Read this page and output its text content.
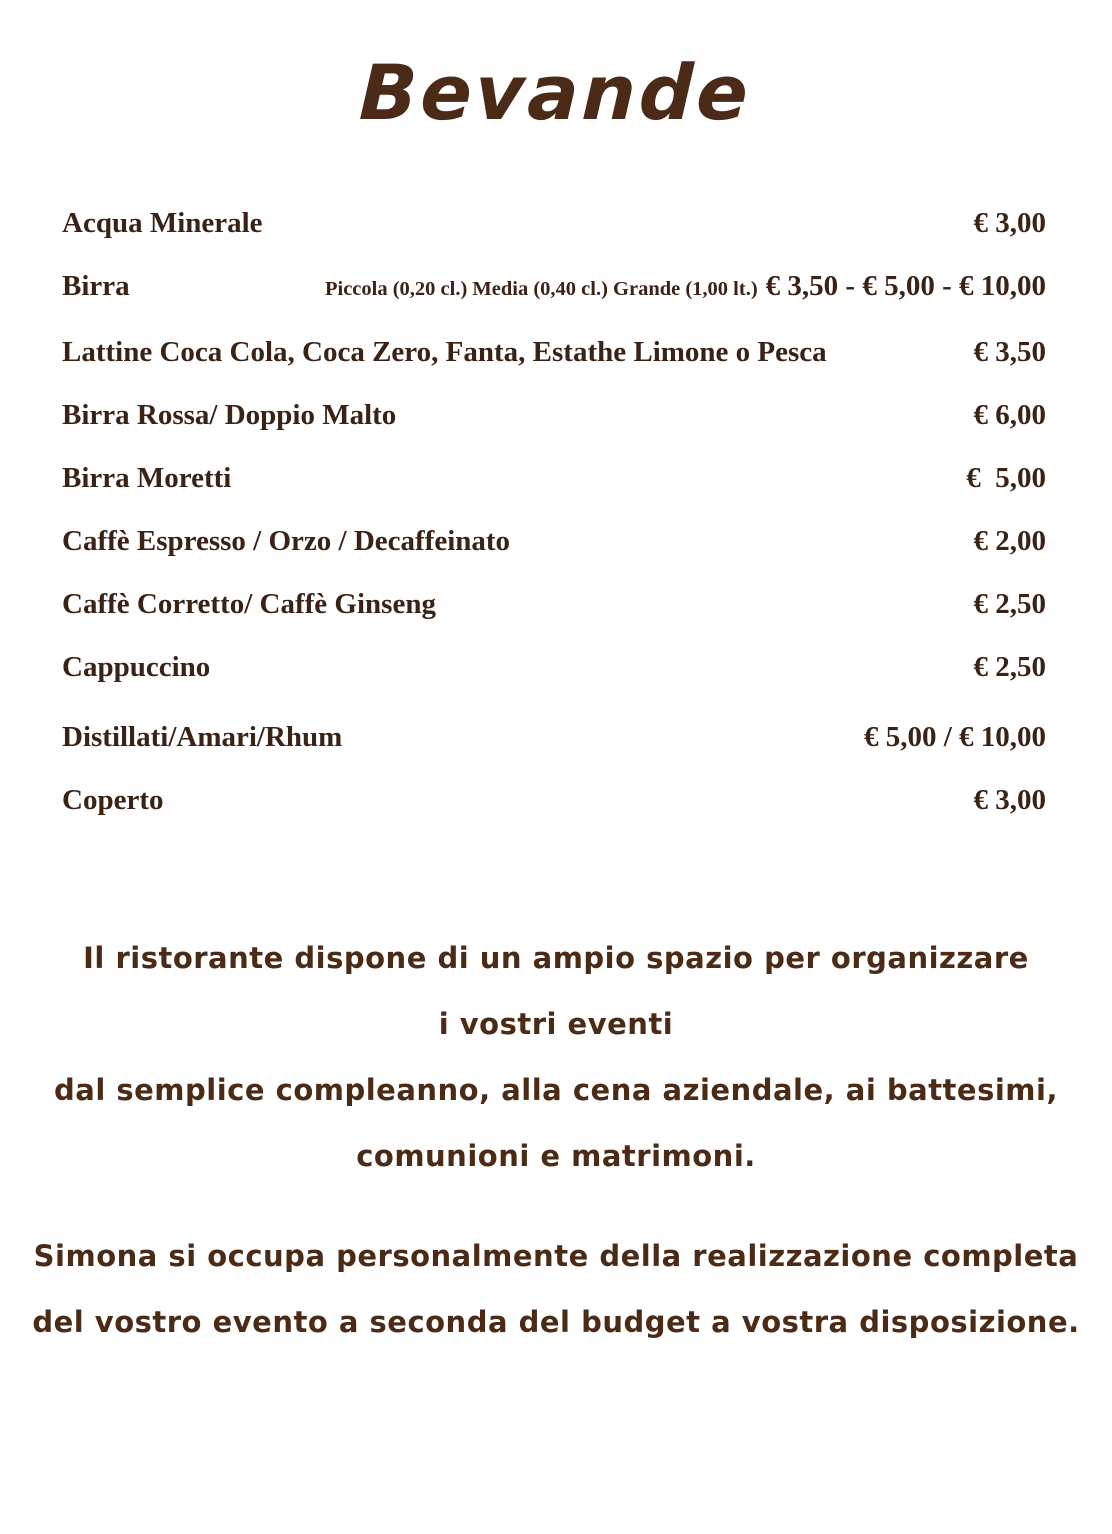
Bevande
Acqua Minerale	€ 3,00
Birra	Piccola (0,20 cl.) Media (0,40 cl.) Grande (1,00 lt.) € 3,50 - € 5,00 - € 10,00
Lattine Coca Cola, Coca Zero, Fanta, Estathe Limone o Pesca	€ 3,50
Birra Rossa/ Doppio Malto	€ 6,00
Birra Moretti	€  5,00
Caffè Espresso / Orzo / Decaffeinato	€ 2,00
Caffè Corretto/ Caffè Ginseng	€ 2,50
Cappuccino	€ 2,50
Distillati/Amari/Rhum	€ 5,00 / € 10,00
Coperto	€ 3,00
Il ristorante dispone di un ampio spazio per organizzare
i vostri eventi
dal semplice compleanno, alla cena aziendale, ai battesimi,
comunioni e matrimoni.
Simona si occupa personalmente della realizzazione completa
del vostro evento a seconda del budget a vostra disposizione.
